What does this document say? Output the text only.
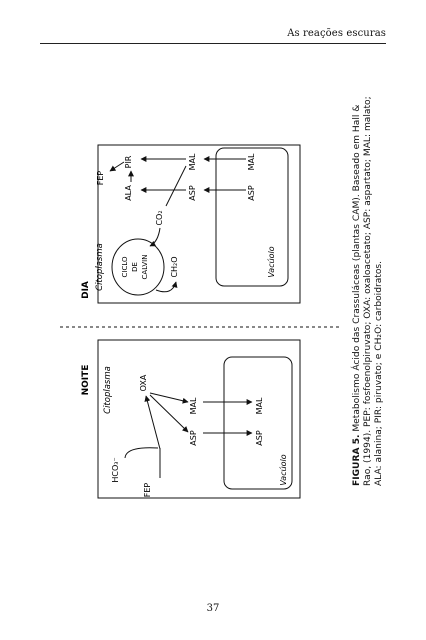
As reações escuras
NOITE
DIA
Citoplasma
Vacúolo
FEP
HCO₃⁻
OXA
ASP
MAL
ASP
MAL
Citoplasma	Vacúolo
CICLO DE CALVIN	CH₂O
CO₂
ASP
MAL
ALA
PIR
FEP
ASP
MAL
FIGURA 5. Metabolismo Ácido das Crassuláceas (plantas CAM). Baseado em Hall & Rao, (1994). PEP: fosfoenolpiruvato; OXA: oxaloacetato; ASP: aspartato; MAL: malato; ALA: alanina; PIR: piruvato; e CH₂O: carboidratos.
37
